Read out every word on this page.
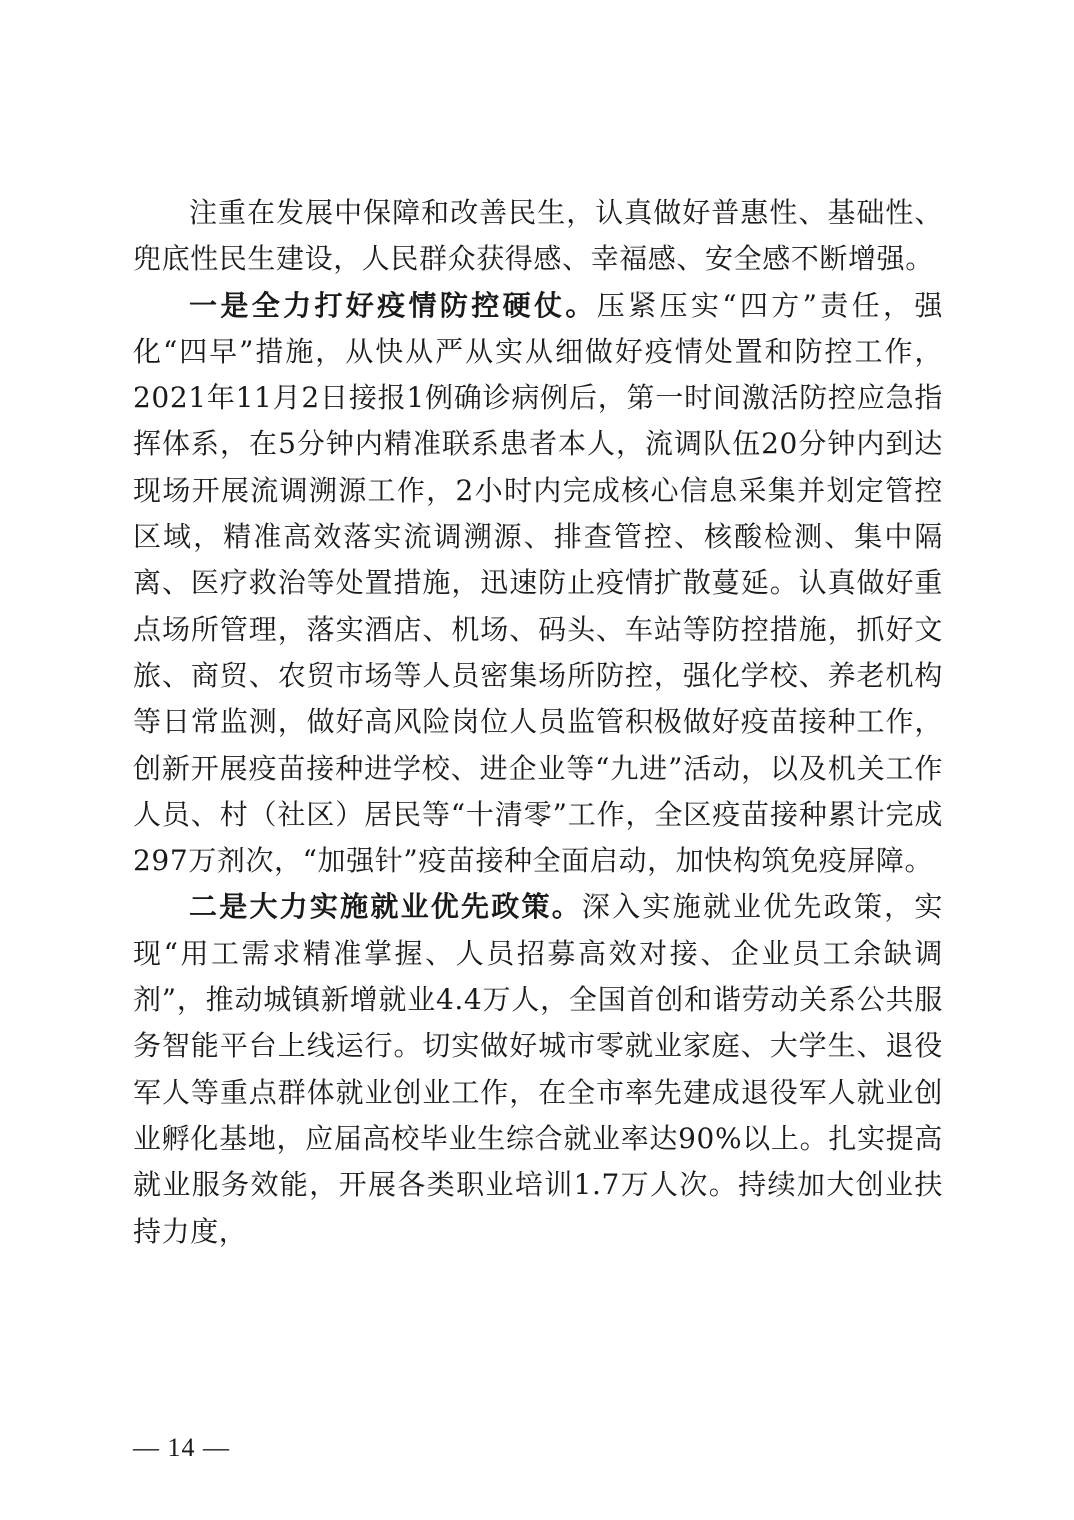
注重在发展中保障和改善民生，认真做好普惠性、基础性、兜底性民生建设，人民群众获得感、幸福感、安全感不断增强。

一是全力打好疫情防控硬仗。压紧压实“四方”责任，强化“四早”措施，从快从严从实从细做好疫情处置和防控工作，2021年11月2日接报1例确诊病例后，第一时间激活防控应急指挥体系，在5分钟内精准联系患者本人，流调队伍20分钟内到达现场开展流调溯源工作，2小时内完成核心信息采集并划定管控区域，精准高效落实流调溯源、排查管控、核酸检测、集中隔离、医疗救治等处置措施，迅速防止疫情扩散蔓延。认真做好重点场所管理，落实酒店、机场、码头、车站等防控措施，抓好文旅、商贸、农贸市场等人员密集场所防控，强化学校、养老机构等日常监测，做好高风险岗位人员监管积极做好疫苗接种工作，创新开展疫苗接种进学校、进企业等“九进”活动，以及机关工作人员、村（社区）居民等“十清零”工作，全区疫苗接种累计完成297万剂次，“加强针”疫苗接种全面启动，加快构筑免疫屏障。

二是大力实施就业优先政策。深入实施就业优先政策，实现“用工需求精准掌握、人员招募高效对接、企业员工余缺调剂”，推动城镇新增就业4.4万人，全国首创和谐劳动关系公共服务智能平台上线运行。切实做好城市零就业家庭、大学生、退役军人等重点群体就业创业工作，在全市率先建成退役军人就业创业孵化基地，应届高校毕业生综合就业率达90%以上。扎实提高就业服务效能，开展各类职业培训1.7万人次。持续加大创业扶持力度，

— 14 —
